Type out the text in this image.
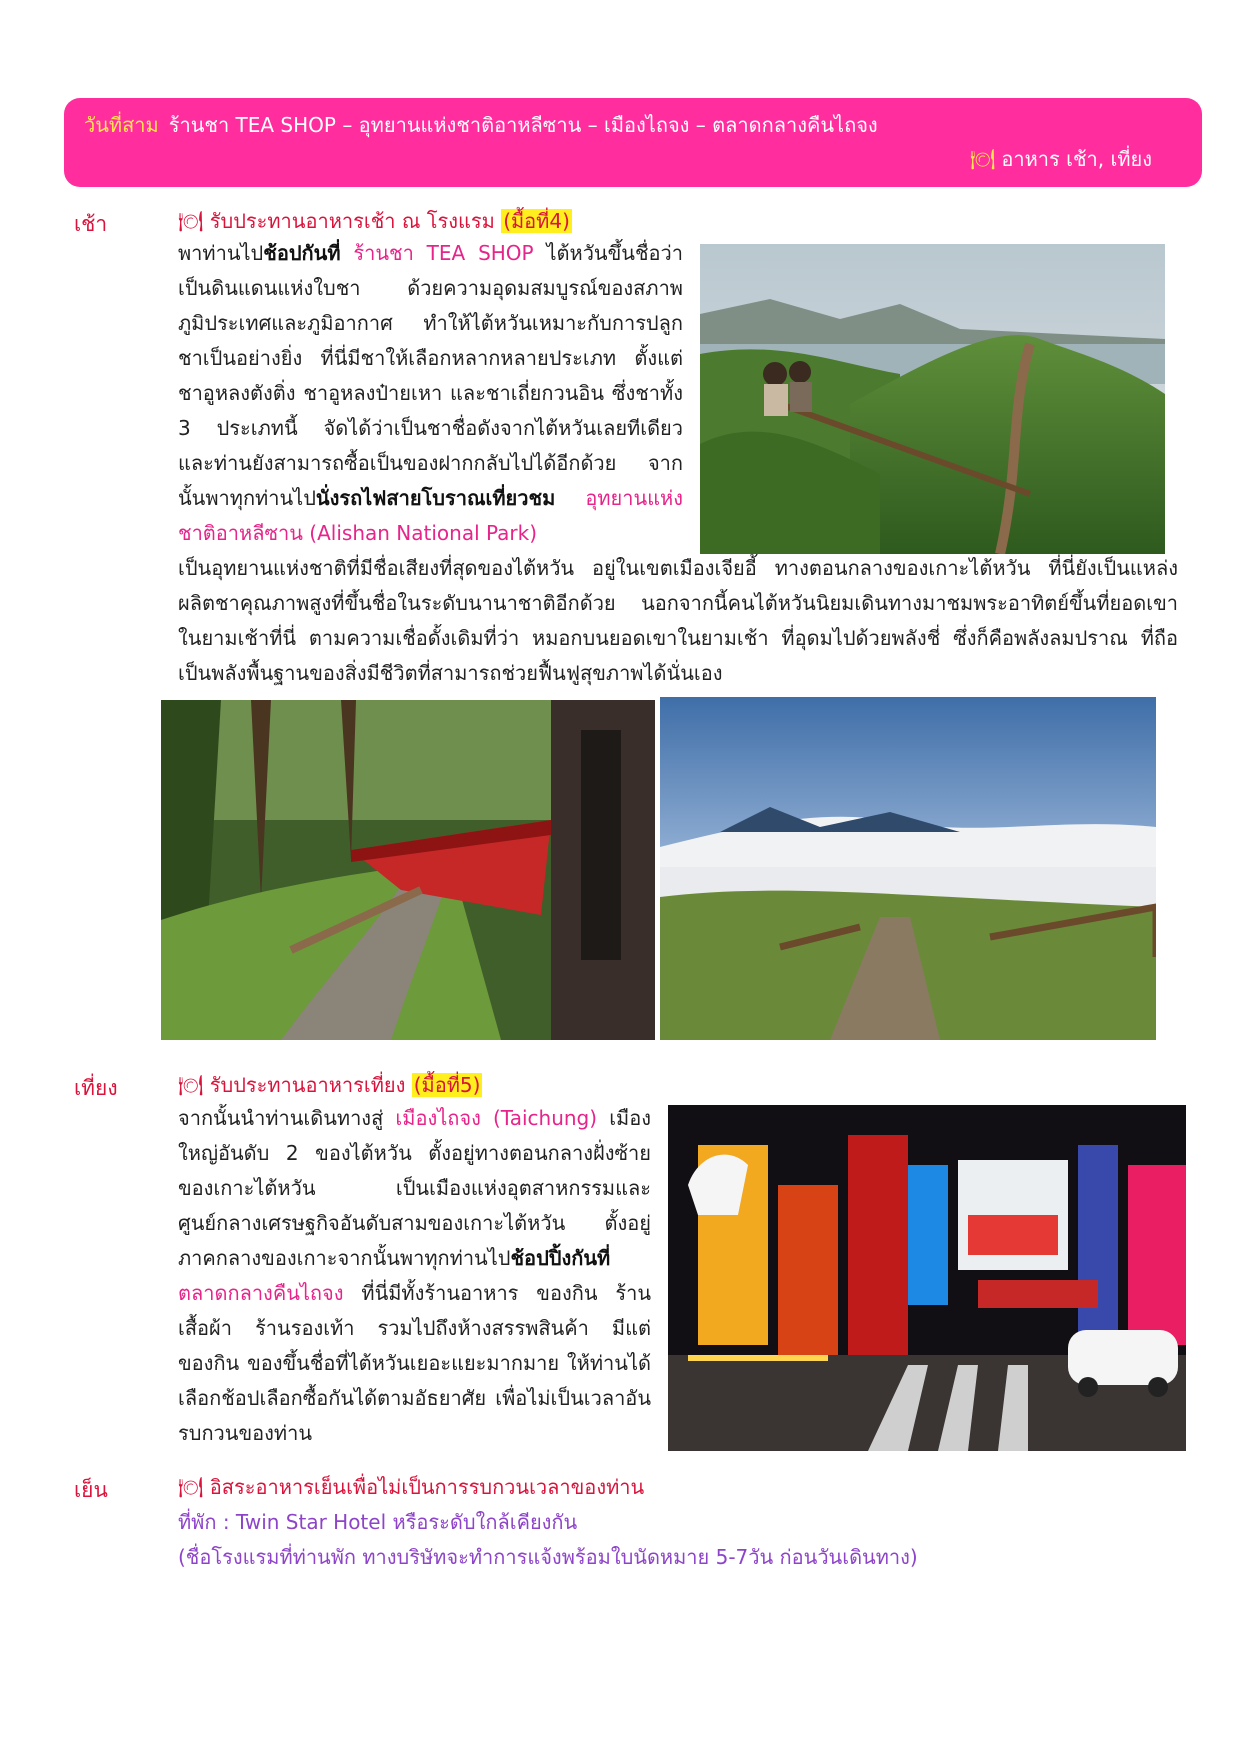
วันที่สาม ร้านชา TEA SHOP – อุทยานแห่งชาติอาหลีซาน – เมืองไถจง – ตลาดกลางคืนไถจง
🍽 อาหาร เช้า, เที่ยง
เช้า	🍽 รับประทานอาหารเช้า ณ โรงแรม (มื้อที่4)
พาท่านไปช้อปกันที่ ร้านชา TEA SHOP ไต้หวันขึ้นชื่อว่าเป็นดินแดนแห่งใบชา ด้วยความอุดมสมบูรณ์ของสภาพภูมิประเทศและภูมิอากาศ ทำให้ไต้หวันเหมาะกับการปลูกชาเป็นอย่างยิ่ง ที่นี่มีชาให้เลือกหลากหลายประเภท ตั้งแต่ ชาอูหลงตังติ่ง ชาอูหลงป๋ายเหา และชาเถี่ยกวนอิน ซึ่งชาทั้ง 3 ประเภทนี้ จัดได้ว่าเป็นชาชื่อดังจากไต้หวันเลยทีเดียว และท่านยังสามารถซื้อเป็นของฝากกลับไปได้อีกด้วย จากนั้นพาทุกท่านไปนั่งรถไฟสายโบราณเที่ยวชม อุทยานแห่งชาติอาหลีซาน (Alishan National Park)
เป็นอุทยานแห่งชาติที่มีชื่อเสียงที่สุดของไต้หวัน อยู่ในเขตเมืองเจียอี้ ทางตอนกลางของเกาะไต้หวัน ที่นี่ยังเป็นแหล่งผลิตชาคุณภาพสูงที่ขึ้นชื่อในระดับนานาชาติอีกด้วย นอกจากนี้คนไต้หวันนิยมเดินทางมาชมพระอาทิตย์ขึ้นที่ยอดเขาในยามเช้าที่นี่ ตามความเชื่อดั้งเดิมที่ว่า หมอกบนยอดเขาในยามเช้า ที่อุดมไปด้วยพลังชี่ ซึ่งก็คือพลังลมปราณ ที่ถือเป็นพลังพื้นฐานของสิ่งมีชีวิตที่สามารถช่วยฟื้นฟูสุขภาพได้นั่นเอง
เที่ยง	🍽 รับประทานอาหารเที่ยง (มื้อที่5)
จากนั้นนำท่านเดินทางสู่ เมืองไถจง (Taichung) เมืองใหญ่อันดับ 2 ของไต้หวัน ตั้งอยู่ทางตอนกลางฝั่งซ้ายของเกาะไต้หวัน เป็นเมืองแห่งอุตสาหกรรมและศูนย์กลางเศรษฐกิจอันดับสามของเกาะไต้หวัน ตั้งอยู่ภาคกลางของเกาะจากนั้นพาทุกท่านไปช้อปปิ้งกันที่ ตลาดกลางคืนไถจง ที่นี่มีทั้งร้านอาหาร ของกิน ร้านเสื้อผ้า ร้านรองเท้า รวมไปถึงห้างสรรพสินค้า มีแต่ของกิน ของขึ้นชื่อที่ไต้หวันเยอะแยะมากมาย ให้ท่านได้เลือกช้อปเลือกซื้อกันได้ตามอัธยาศัย เพื่อไม่เป็นเวลาอันรบกวนของท่าน
เย็น	🍽 อิสระอาหารเย็นเพื่อไม่เป็นการรบกวนเวลาของท่าน
ที่พัก : Twin Star Hotel หรือระดับใกล้เคียงกัน
(ชื่อโรงแรมที่ท่านพัก ทางบริษัทจะทำการแจ้งพร้อมใบนัดหมาย 5-7วัน ก่อนวันเดินทาง)
